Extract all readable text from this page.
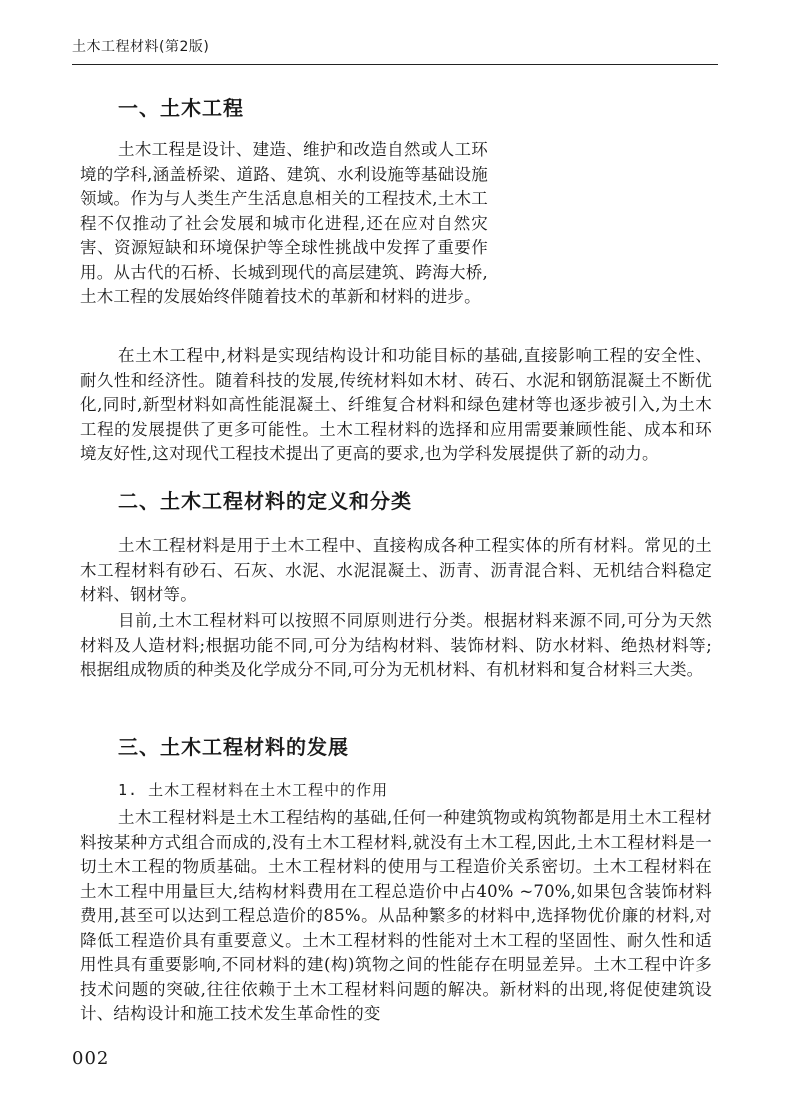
土木工程材料(第2版)
一、土木工程

土木工程是设计、建造、维护和改造自然或人工环境的学科,涵盖桥梁、道路、建筑、水利设施等基础设施领域。作为与人类生产生活息息相关的工程技术,土木工程不仅推动了社会发展和城市化进程,还在应对自然灾害、资源短缺和环境保护等全球性挑战中发挥了重要作用。从古代的石桥、长城到现代的高层建筑、跨海大桥,土木工程的发展始终伴随着技术的革新和材料的进步。

在土木工程中,材料是实现结构设计和功能目标的基础,直接影响工程的安全性、耐久性和经济性。随着科技的发展,传统材料如木材、砖石、水泥和钢筋混凝土不断优化,同时,新型材料如高性能混凝土、纤维复合材料和绿色建材等也逐步被引入,为土木工程的发展提供了更多可能性。土木工程材料的选择和应用需要兼顾性能、成本和环境友好性,这对现代工程技术提出了更高的要求,也为学科发展提供了新的动力。

二、土木工程材料的定义和分类

土木工程材料是用于土木工程中、直接构成各种工程实体的所有材料。常见的土木工程材料有砂石、石灰、水泥、水泥混凝土、沥青、沥青混合料、无机结合料稳定材料、钢材等。

目前,土木工程材料可以按照不同原则进行分类。根据材料来源不同,可分为天然材料及人造材料;根据功能不同,可分为结构材料、装饰材料、防水材料、绝热材料等;根据组成物质的种类及化学成分不同,可分为无机材料、有机材料和复合材料三大类。

三、土木工程材料的发展
1. 土木工程材料在土木工程中的作用

土木工程材料是土木工程结构的基础,任何一种建筑物或构筑物都是用土木工程材料按某种方式组合而成的,没有土木工程材料,就没有土木工程,因此,土木工程材料是一切土木工程的物质基础。土木工程材料的使用与工程造价关系密切。土木工程材料在土木工程中用量巨大,结构材料费用在工程总造价中占40% ~70%,如果包含装饰材料费用,甚至可以达到工程总造价的85%。从品种繁多的材料中,选择物优价廉的材料,对降低工程造价具有重要意义。土木工程材料的性能对土木工程的坚固性、耐久性和适用性具有重要影响,不同材料的建(构)筑物之间的性能存在明显差异。土木工程中许多技术问题的突破,往往依赖于土木工程材料问题的解决。新材料的出现,将促使建筑设计、结构设计和施工技术发生革命性的变

002
